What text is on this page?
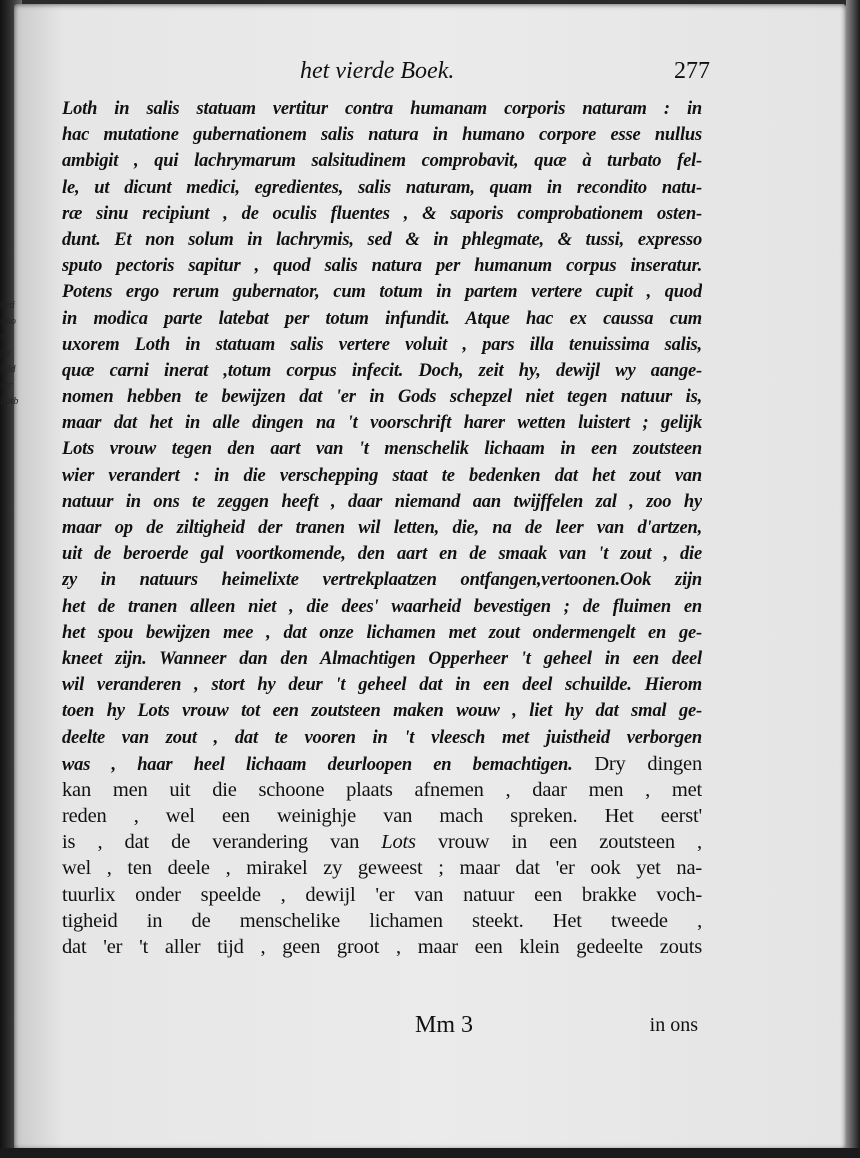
heti
s ko
n.
fla
bild
scr
Lotb
het vierde Boek.	277
Loth in salis statuam vertitur contra humanam corporis naturam : in
hac mutatione gubernationem salis natura in humano corpore esse nullus
ambigit , qui lachrymarum salsitudinem comprobavit, quæ à turbato fel-
le, ut dicunt medici, egredientes, salis naturam, quam in recondito natu-
ræ sinu recipiunt , de oculis fluentes , & saporis comprobationem osten-
dunt. Et non solum in lachrymis, sed & in phlegmate, & tussi, expresso
sputo pectoris sapitur , quod salis natura per humanum corpus inseratur.
Potens ergo rerum gubernator, cum totum in partem vertere cupit , quod
in modica parte latebat per totum infundit. Atque hac ex caussa cum
uxorem Loth in statuam salis vertere voluit , pars illa tenuissima salis,
quæ carni inerat ,totum corpus infecit. Doch, zeit hy, dewijl wy aange-
nomen hebben te bewijzen dat 'er in Gods schepzel niet tegen natuur is,
maar dat het in alle dingen na 't voorschrift harer wetten luistert ; gelijk
Lots vrouw tegen den aart van 't menschelik lichaam in een zoutsteen
wier verandert : in die verschepping staat te bedenken dat het zout van
natuur in ons te zeggen heeft , daar niemand aan twijffelen zal , zoo hy
maar op de ziltigheid der tranen wil letten, die, na de leer van d'artzen,
uit de beroerde gal voortkomende, den aart en de smaak van 't zout , die
zy in natuurs heimelixte vertrekplaatzen ontfangen,vertoonen.Ook zijn
het de tranen alleen niet , die dees' waarheid bevestigen ; de fluimen en
het spou bewijzen mee , dat onze lichamen met zout ondermengelt en ge-
kneet zijn. Wanneer dan den Almachtigen Opperheer 't geheel in een deel
wil veranderen , stort hy deur 't geheel dat in een deel schuilde. Hierom
toen hy Lots vrouw tot een zoutsteen maken wouw , liet hy dat smal ge-
deelte van zout , dat te vooren in 't vleesch met juistheid verborgen
was , haar heel lichaam deurloopen en bemachtigen. Dry dingen
kan men uit die schoone plaats afnemen , daar men , met
reden , wel een weinighje van mach spreken. Het eerst'
is , dat de verandering van Lots vrouw in een zoutsteen ,
wel , ten deele , mirakel zy geweest ; maar dat 'er ook yet na-
tuurlix onder speelde , dewijl 'er van natuur een brakke voch-
tigheid in de menschelike lichamen steekt. Het tweede ,
dat 'er 't aller tijd , geen groot , maar een klein gedeelte zouts
Mm 3	in ons
